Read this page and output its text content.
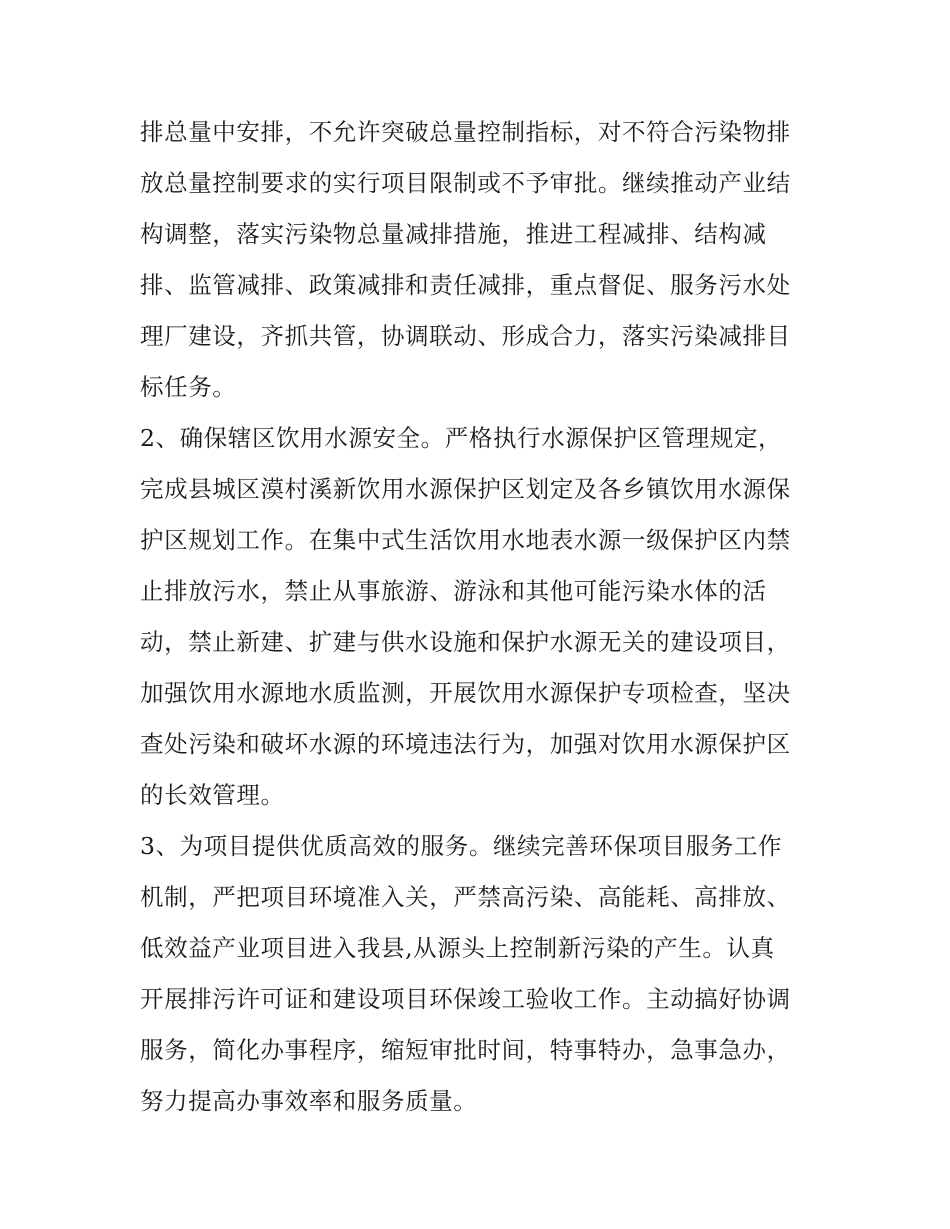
排总量中安排，不允许突破总量控制指标，对不符合污染物排
放总量控制要求的实行项目限制或不予审批。继续推动产业结
构调整，落实污染物总量减排措施，推进工程减排、结构减
排、监管减排、政策减排和责任减排，重点督促、服务污水处
理厂建设，齐抓共管，协调联动、形成合力，落实污染减排目
标任务。
2、确保辖区饮用水源安全。严格执行水源保护区管理规定，
完成县城区漠村溪新饮用水源保护区划定及各乡镇饮用水源保
护区规划工作。在集中式生活饮用水地表水源一级保护区内禁
止排放污水，禁止从事旅游、游泳和其他可能污染水体的活
动，禁止新建、扩建与供水设施和保护水源无关的建设项目，
加强饮用水源地水质监测，开展饮用水源保护专项检查，坚决
查处污染和破坏水源的环境违法行为，加强对饮用水源保护区
的长效管理。
3、为项目提供优质高效的服务。继续完善环保项目服务工作
机制，严把项目环境准入关，严禁高污染、高能耗、高排放、
低效益产业项目进入我县,从源头上控制新污染的产生。认真
开展排污许可证和建设项目环保竣工验收工作。主动搞好协调
服务，简化办事程序，缩短审批时间，特事特办，急事急办，
努力提高办事效率和服务质量。
